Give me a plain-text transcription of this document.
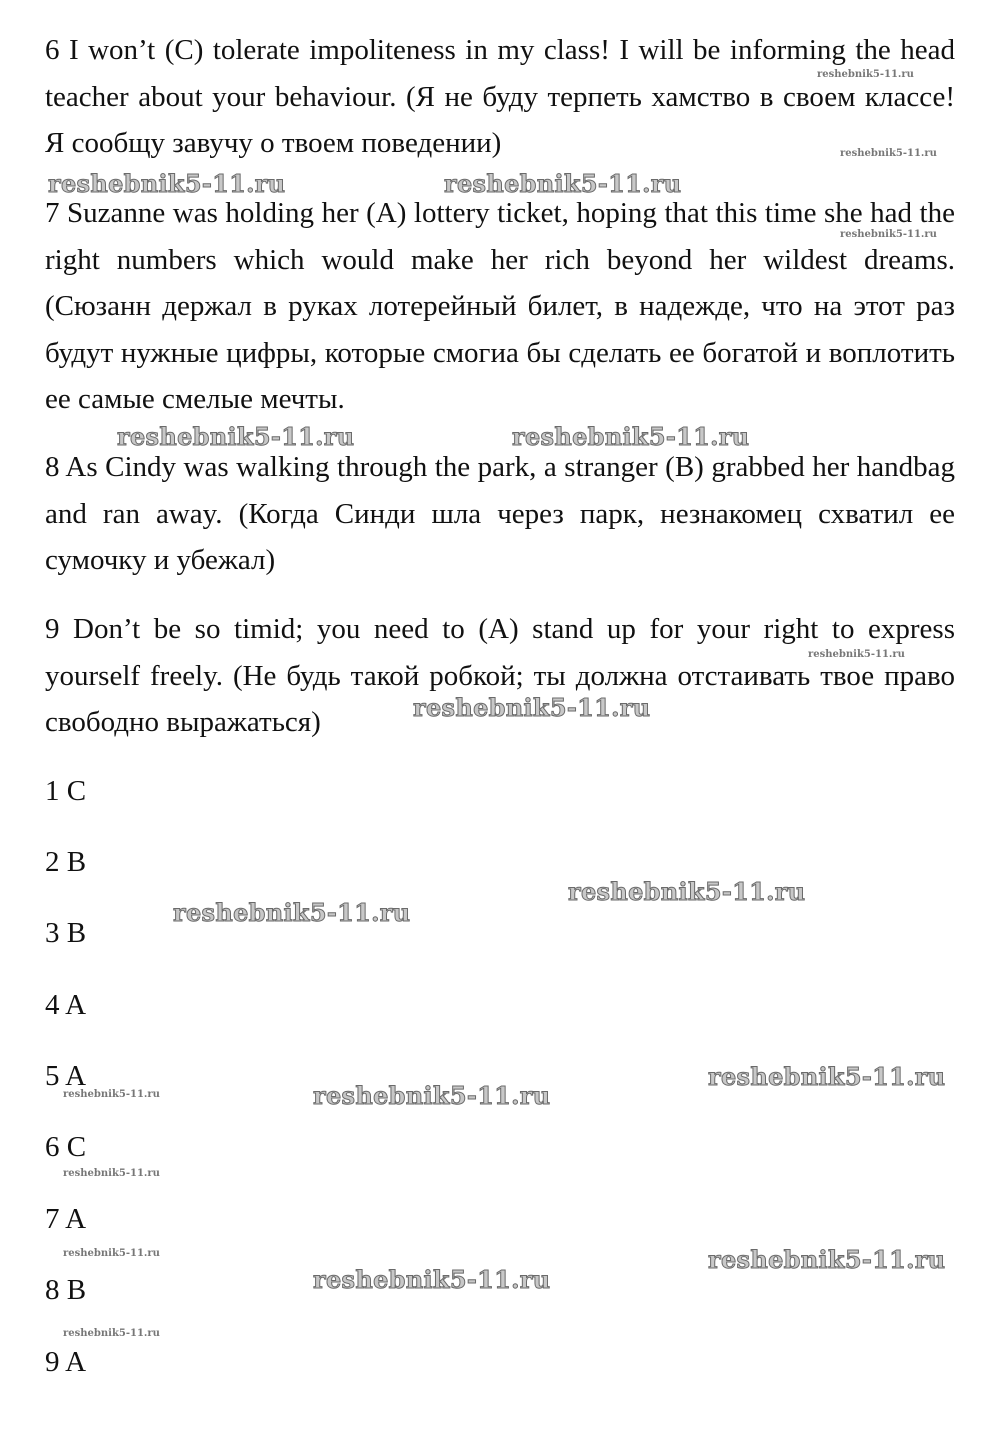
6 I won’t (C) tolerate impoliteness in my class! I will be informing the head teacher about your behaviour. (Я не буду терпеть хамство в своем классе! Я сообщу завучу о твоем поведении)

7 Suzanne was holding her (A) lottery ticket, hoping that this time she had the right numbers which would make her rich beyond her wildest dreams. (Сюзанн держал в руках лотерейный билет, в надежде, что на этот раз будут нужные цифры, которые смогиа бы сделать ее богатой и воплотить ее самые смелые мечты.

8 As Cindy was walking through the park, a stranger (B) grabbed her handbag and ran away. (Когда Синди шла через парк, незнакомец схватил ее сумочку и убежал)

9 Don’t be so timid; you need to (A) stand up for your right to express yourself freely. (Не будь такой робкой; ты должна отстаивать твое право свободно выражаться)

1 C
2 B
3 B
4 A
5 A
6 C
7 A
8 B
9 A
reshebnik5-11.ru	reshebnik5-11.ru
reshebnik5-11.ru	reshebnik5-11.ru
reshebnik5-11.ru
reshebnik5-11.ru
reshebnik5-11.ru
reshebnik5-11.ru
reshebnik5-11.ru
reshebnik5-11.ru
reshebnik5-11.ru
reshebnik5-11.ru
reshebnik5-11.ru
reshebnik5-11.ru
reshebnik5-11.ru
reshebnik5-11.ru
reshebnik5-11.ru
reshebnik5-11.ru
reshebnik5-11.ru
